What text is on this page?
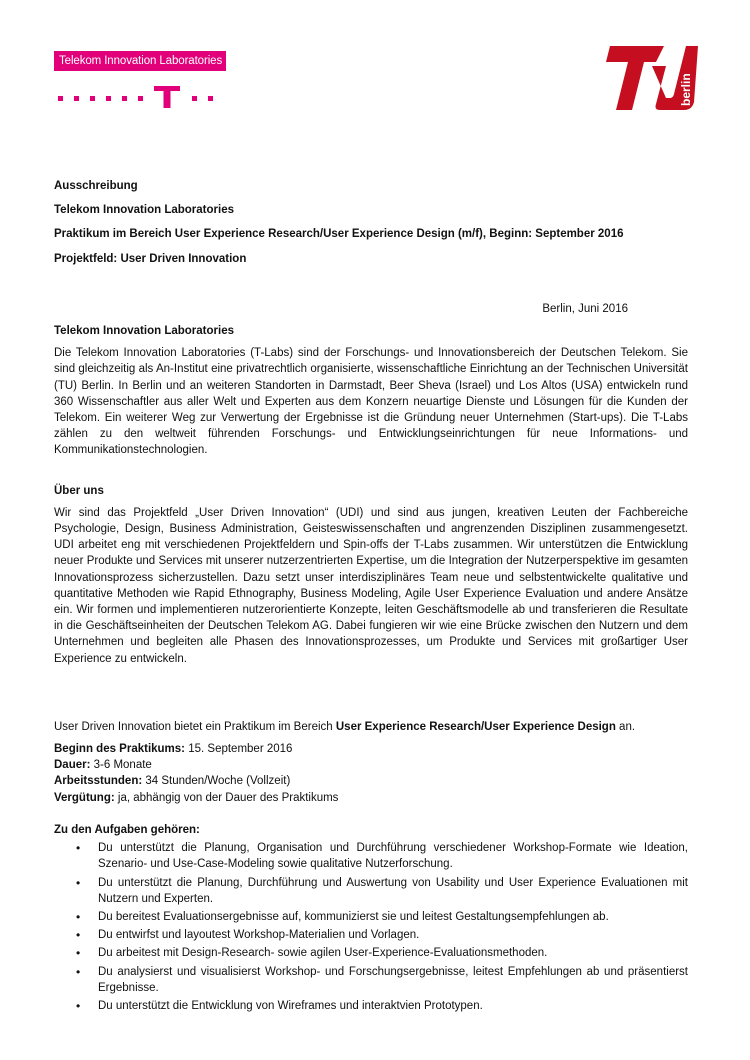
Telekom Innovation Laboratories
berlin

Ausschreibung

Telekom Innovation Laboratories

Praktikum im Bereich User Experience Research/User Experience Design (m/f), Beginn: September 2016

Projektfeld: User Driven Innovation

Berlin, Juni 2016

Telekom Innovation Laboratories

Die Telekom Innovation Laboratories (T-Labs) sind der Forschungs- und Innovationsbereich der Deutschen Telekom. Sie sind gleichzeitig als An-Institut eine privatrechtlich organisierte, wissenschaftliche Einrichtung an der Technischen Universität (TU) Berlin. In Berlin und an weiteren Standorten in Darmstadt, Beer Sheva (Israel) und Los Altos (USA) entwickeln rund 360 Wissenschaftler aus aller Welt und Experten aus dem Konzern neuartige Dienste und Lösungen für die Kunden der Telekom. Ein weiterer Weg zur Verwertung der Ergebnisse ist die Gründung neuer Unternehmen (Start-ups). Die T-Labs zählen zu den weltweit führenden Forschungs- und Entwicklungseinrichtungen für neue Informations- und Kommunikationstechnologien.

Über uns

Wir sind das Projektfeld „User Driven Innovation“ (UDI) und sind aus jungen, kreativen Leuten der Fachbereiche Psychologie, Design, Business Administration, Geisteswissenschaften und angrenzenden Disziplinen zusammengesetzt. UDI arbeitet eng mit verschiedenen Projektfeldern und Spin-offs der T-Labs zusammen. Wir unterstützen die Entwicklung neuer Produkte und Services mit unserer nutzerzentrierten Expertise, um die Integration der Nutzerperspektive im gesamten Innovationsprozess sicherzustellen. Dazu setzt unser interdisziplinäres Team neue und selbstentwickelte qualitative und quantitative Methoden wie Rapid Ethnography, Business Modeling, Agile User Experience Evaluation und andere Ansätze ein. Wir formen und implementieren nutzerorientierte Konzepte, leiten Geschäftsmodelle ab und transferieren die Resultate in die Geschäftseinheiten der Deutschen Telekom AG. Dabei fungieren wir wie eine Brücke zwischen den Nutzern und dem Unternehmen und begleiten alle Phasen des Innovationsprozesses, um Produkte und Services mit großartiger User Experience zu entwickeln.

User Driven Innovation bietet ein Praktikum im Bereich User Experience Research/User Experience Design an.

Beginn des Praktikums: 15. September 2016
Dauer: 3-6 Monate
Arbeitsstunden: 34 Stunden/Woche (Vollzeit)
Vergütung: ja, abhängig von der Dauer des Praktikums

Zu den Aufgaben gehören:

• Du unterstützt die Planung, Organisation und Durchführung verschiedener Workshop-Formate wie Ideation, Szenario- und Use-Case-Modeling sowie qualitative Nutzerforschung.
• Du unterstützt die Planung, Durchführung und Auswertung von Usability und User Experience Evaluationen mit Nutzern und Experten.
• Du bereitest Evaluationsergebnisse auf, kommunizierst sie und leitest Gestaltungsempfehlungen ab.
• Du entwirfst und layoutest Workshop-Materialien und Vorlagen.
• Du arbeitest mit Design-Research- sowie agilen User-Experience-Evaluationsmethoden.
• Du analysierst und visualisierst Workshop- und Forschungsergebnisse, leitest Empfehlungen ab und präsentierst Ergebnisse.
• Du unterstützt die Entwicklung von Wireframes und interaktvien Prototypen.
